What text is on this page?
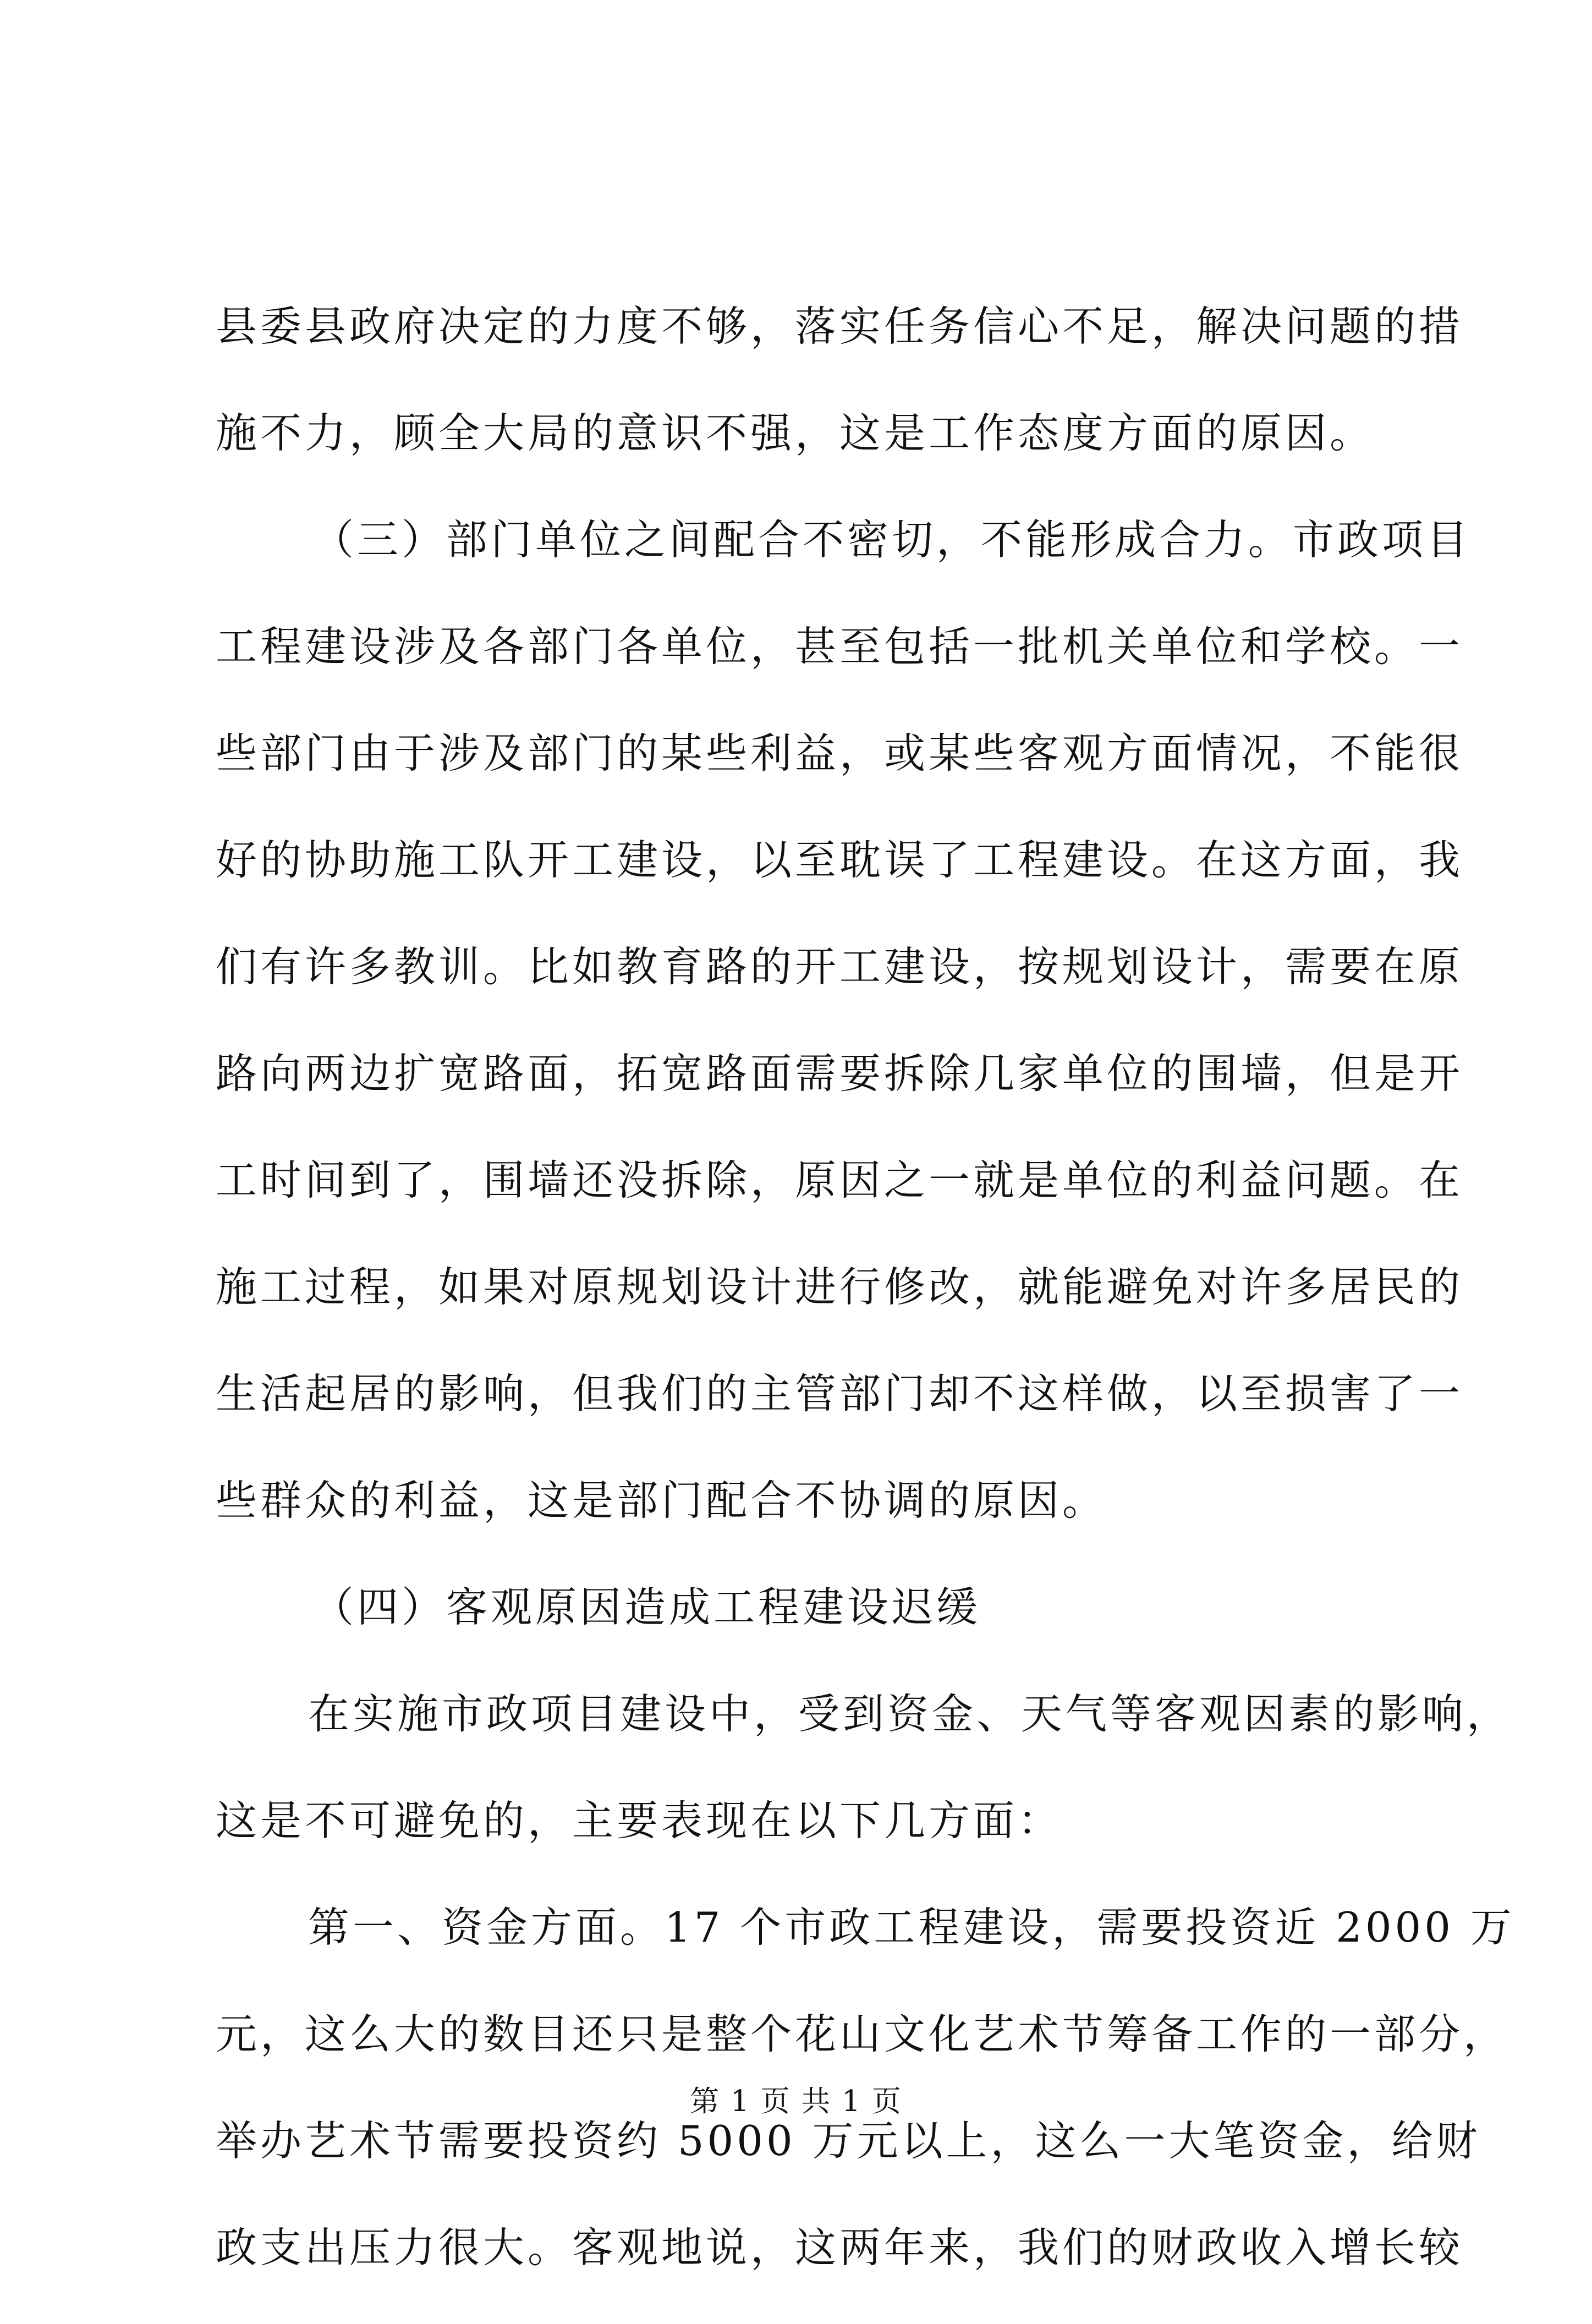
县委县政府决定的力度不够，落实任务信心不足，解决问题的措
施不力，顾全大局的意识不强，这是工作态度方面的原因。
（三）部门单位之间配合不密切，不能形成合力。市政项目
工程建设涉及各部门各单位，甚至包括一批机关单位和学校。一
些部门由于涉及部门的某些利益，或某些客观方面情况，不能很
好的协助施工队开工建设，以至耽误了工程建设。在这方面，我
们有许多教训。比如教育路的开工建设，按规划设计，需要在原
路向两边扩宽路面，拓宽路面需要拆除几家单位的围墙，但是开
工时间到了，围墙还没拆除，原因之一就是单位的利益问题。在
施工过程，如果对原规划设计进行修改，就能避免对许多居民的
生活起居的影响，但我们的主管部门却不这样做，以至损害了一
些群众的利益，这是部门配合不协调的原因。
（四）客观原因造成工程建设迟缓
在实施市政项目建设中，受到资金、天气等客观因素的影响，
这是不可避免的，主要表现在以下几方面：
第一、资金方面。17 个市政工程建设，需要投资近 2000 万
元，这么大的数目还只是整个花山文化艺术节筹备工作的一部分，
举办艺术节需要投资约 5000 万元以上，这么一大笔资金，给财
政支出压力很大。客观地说，这两年来，我们的财政收入增长较
第 1 页 共 1 页
